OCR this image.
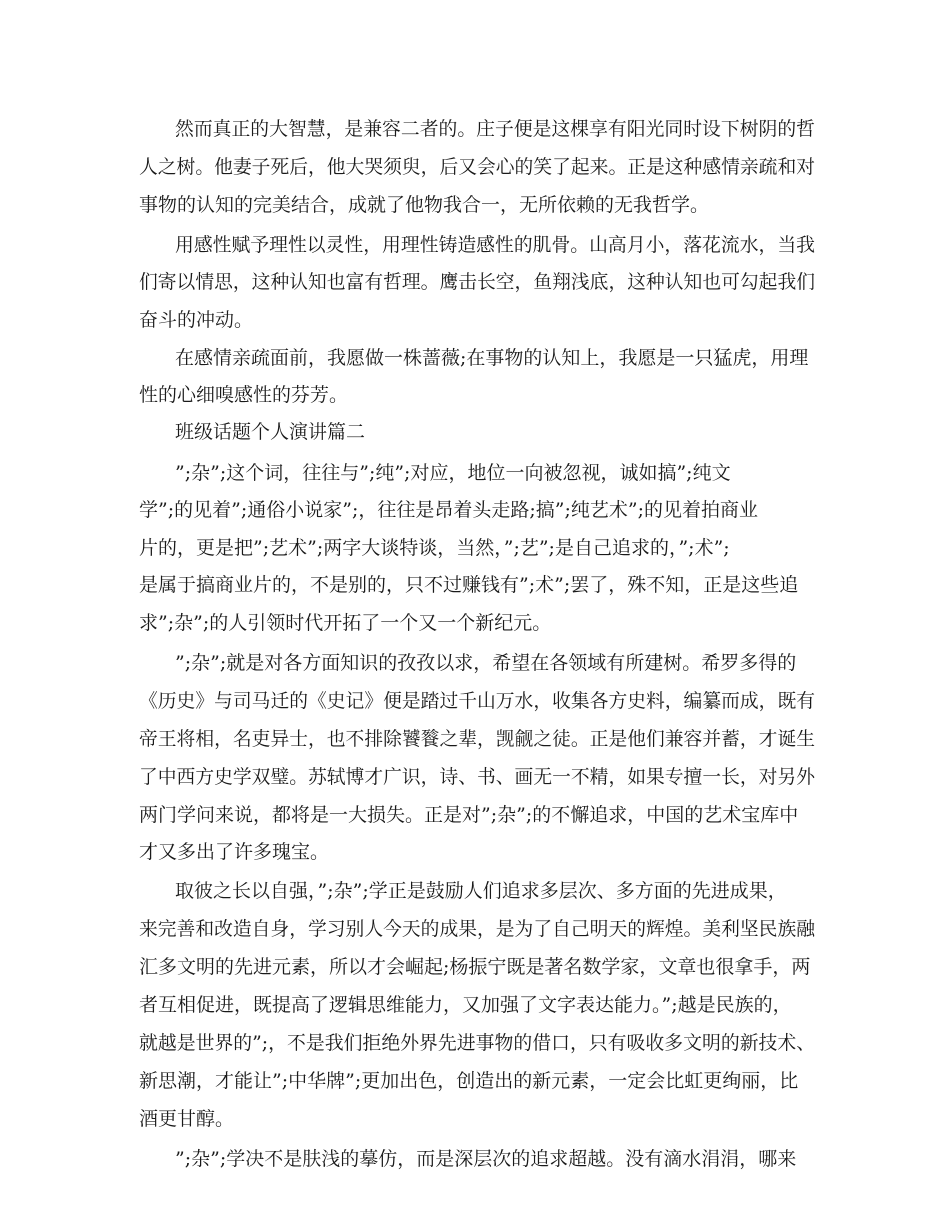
然而真正的大智慧，是兼容二者的。庄子便是这棵享有阳光同时设下树阴的哲
人之树。他妻子死后，他大哭须臾，后又会心的笑了起来。正是这种感情亲疏和对
事物的认知的完美结合，成就了他物我合一，无所依赖的无我哲学。
用感性赋予理性以灵性，用理性铸造感性的肌骨。山高月小，落花流水，当我
们寄以情思，这种认知也富有哲理。鹰击长空，鱼翔浅底，这种认知也可勾起我们
奋斗的冲动。
在感情亲疏面前，我愿做一株蔷薇;在事物的认知上，我愿是一只猛虎，用理
性的心细嗅感性的芬芳。
班级话题个人演讲篇二
”;杂”;这个词，往往与”;纯”;对应，地位一向被忽视，诚如搞”;纯文
学”;的见着”;通俗小说家”;，往往是昂着头走路;搞”;纯艺术”;的见着拍商业
片的，更是把”;艺术”;两字大谈特谈，当然，”;艺”;是自己追求的，”;术”;
是属于搞商业片的，不是别的，只不过赚钱有”;术”;罢了，殊不知，正是这些追
求”;杂”;的人引领时代开拓了一个又一个新纪元。
”;杂”;就是对各方面知识的孜孜以求，希望在各领域有所建树。希罗多得的
《历史》与司马迁的《史记》便是踏过千山万水，收集各方史料，编纂而成，既有
帝王将相，名吏异士，也不排除饕餮之辈，觊觎之徒。正是他们兼容并蓄，才诞生
了中西方史学双璧。苏轼博才广识，诗、书、画无一不精，如果专擅一长，对另外
两门学问来说，都将是一大损失。正是对”;杂”;的不懈追求，中国的艺术宝库中
才又多出了许多瑰宝。
取彼之长以自强，”;杂”;学正是鼓励人们追求多层次、多方面的先进成果，
来完善和改造自身，学习别人今天的成果，是为了自己明天的辉煌。美利坚民族融
汇多文明的先进元素，所以才会崛起;杨振宁既是著名数学家，文章也很拿手，两
者互相促进，既提高了逻辑思维能力，又加强了文字表达能力。”;越是民族的，
就越是世界的”;，不是我们拒绝外界先进事物的借口，只有吸收多文明的新技术、
新思潮，才能让”;中华牌”;更加出色，创造出的新元素，一定会比虹更绚丽，比
酒更甘醇。
”;杂”;学决不是肤浅的摹仿，而是深层次的追求超越。没有滴水涓涓，哪来
